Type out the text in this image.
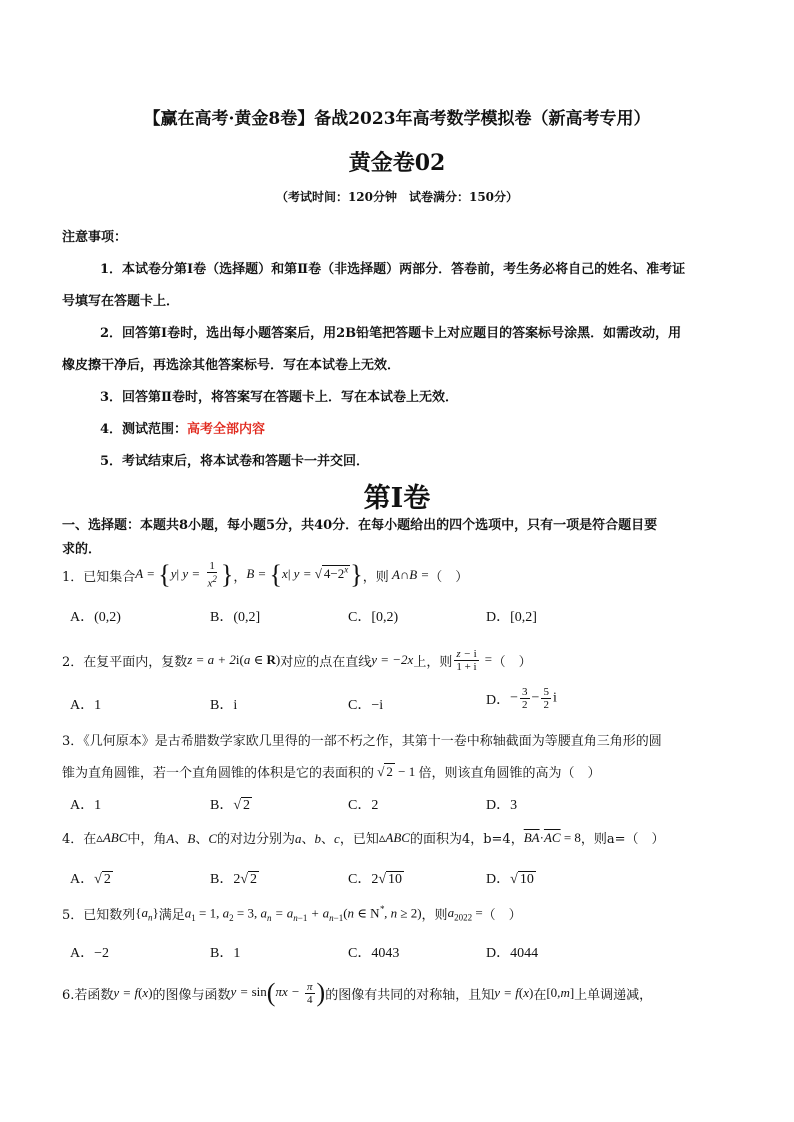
【赢在高考·黄金8卷】备战2023年高考数学模拟卷（新高考专用）
黄金卷02
（考试时间：120分钟　试卷满分：150分）
注意事项：
1．本试卷分第Ⅰ卷（选择题）和第Ⅱ卷（非选择题）两部分．答卷前，考生务必将自己的姓名、准考证
号填写在答题卡上．
2．回答第Ⅰ卷时，选出每小题答案后，用2B铅笔把答题卡上对应题目的答案标号涂黑．如需改动，用
橡皮擦干净后，再选涂其他答案标号．写在本试卷上无效．
3．回答第Ⅱ卷时，将答案写在答题卡上．写在本试卷上无效．
4．测试范围：高考全部内容
5．考试结束后，将本试卷和答题卡一并交回．
第Ⅰ卷
一、选择题：本题共8小题，每小题5分，共40分．在每小题给出的四个选项中，只有一项是符合题目要
求的．
1．已知集合 A = {y| $y = \frac{1}{x^2}$ } ， B = {x| y = √ $4-2^x$} ，则 A∩B = （　）
A．(0,2)	B．(0,2]	C．[0,2)	D．[0,2]
2．在复平面内，复数 z = a + 2i(a ∈ R) 对应的点在直线 y = −2x 上，则 $\frac{z - i}{1 + i}$ = （　）
A．1	B．i	C．−i	D． − $\frac{3}{2} - \frac{5}{2}$ i
3．《几何原本》是古希腊数学家欧几里得的一部不朽之作，其第十一卷中称轴截面为等腰直角三角形的圆
锥为直角圆锥，若一个直角圆锥的体积是它的表面积的 √ 2 − 1 倍，则该直角圆锥的高为（　）
A．1	B．√ 2	C．2	D．3
4．在 ▵ABC 中，角 A、B、C 的对边分别为 a、b、c ，已知 ▵ABC 的面积为4，b=4， $\overline{BA}\cdot\overline{AC} = 8$ ，则a=（　）
A．√ 2	B．2√ 2	C．2√ 10	D．√ 10
5．已知数列 $\{a_n\}$ 满足 $a_1 = 1$, $a_2 = 3$, $a_n = a_{n-1} + a_{n-1}(n$ ∈ N*, n ≥ 2) ，则 $a_{2022}$ = （　）
A．−2	B．1	C．4043	D．4044
6.若函数 y = f(x) 的图像与函数 $y = \sin(\pi x - \frac{\pi}{4}$ ) 的图像有共同的对称轴，且知 y = f(x) 在 [0,m] 上单调递减，
